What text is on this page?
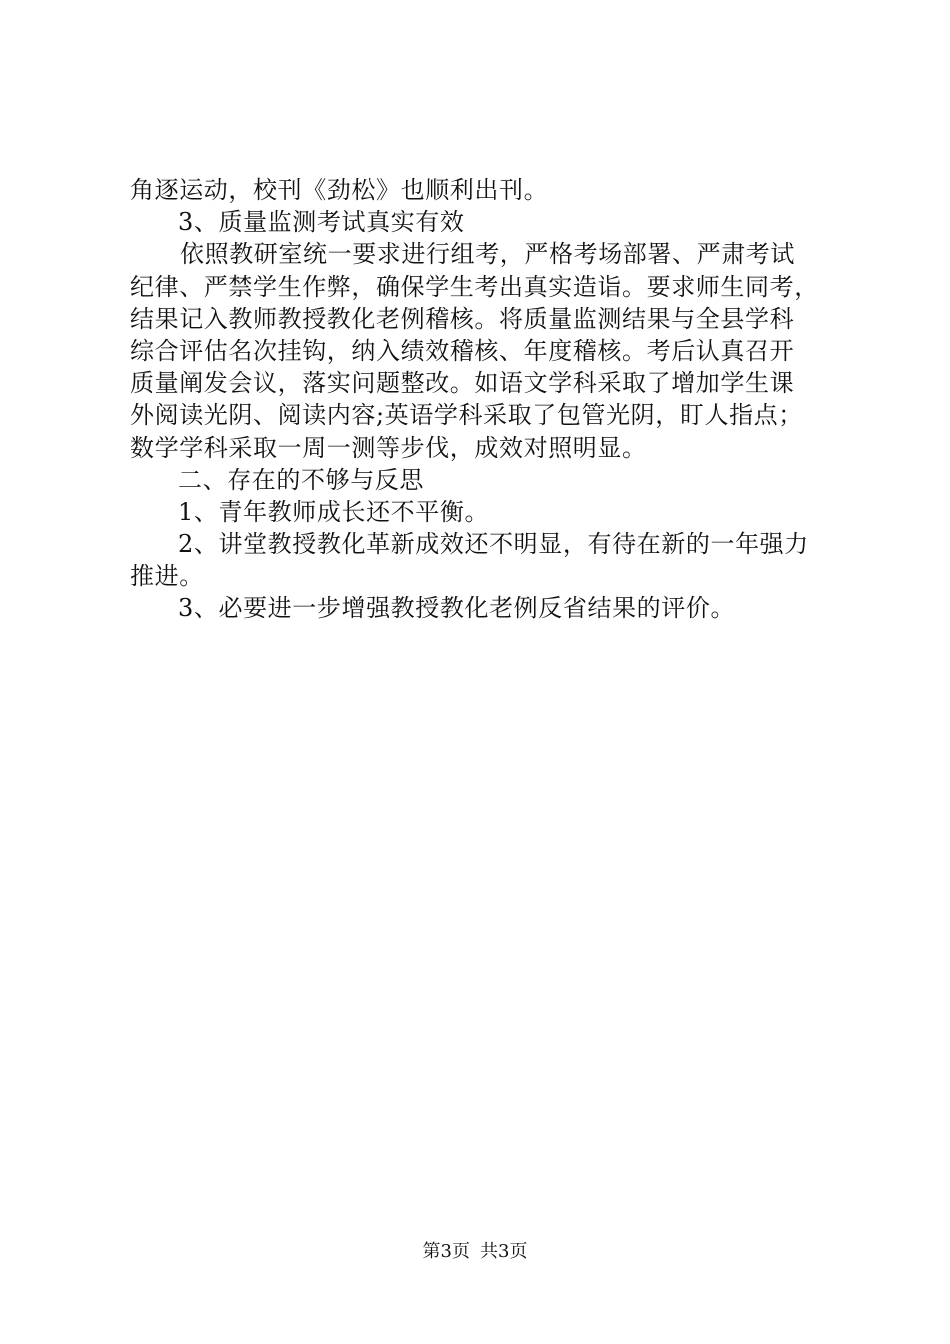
角逐运动，校刊《劲松》也顺利出刊。
3、质量监测考试真实有效
依照教研室统一要求进行组考，严格考场部署、严肃考试
纪律、严禁学生作弊，确保学生考出真实造诣。要求师生同考，
结果记入教师教授教化老例稽核。将质量监测结果与全县学科
综合评估名次挂钩，纳入绩效稽核、年度稽核。考后认真召开
质量阐发会议，落实问题整改。如语文学科采取了增加学生课
外阅读光阴、阅读内容;英语学科采取了包管光阴，盯人指点；
数学学科采取一周一测等步伐，成效对照明显。
二、存在的不够与反思
1、青年教师成长还不平衡。
2、讲堂教授教化革新成效还不明显，有待在新的一年强力
推进。
3、必要进一步增强教授教化老例反省结果的评价。
第3页 共3页
